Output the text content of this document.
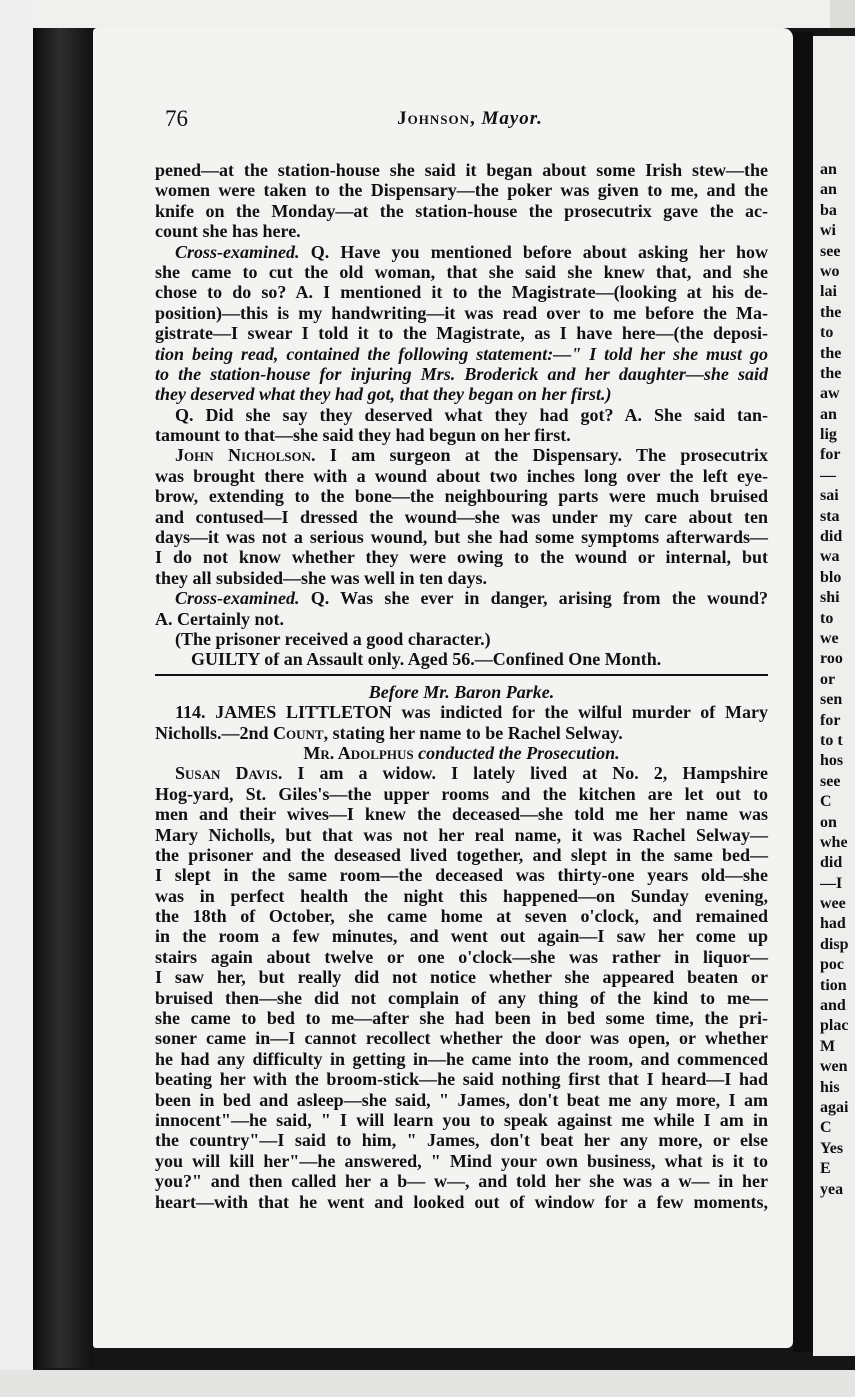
76	Johnson, Mayor.
pened—at the station-house she said it began about some Irish stew—the
women were taken to the Dispensary—the poker was given to me, and the
knife on the Monday—at the station-house the prosecutrix gave the ac-
count she has here.
Cross-examined. Q. Have you mentioned before about asking her how
she came to cut the old woman, that she said she knew that, and she
chose to do so? A. I mentioned it to the Magistrate—(looking at his de-
position)—this is my handwriting—it was read over to me before the Ma-
gistrate—I swear I told it to the Magistrate, as I have here—(the deposi-
tion being read, contained the following statement:—" I told her she must go
to the station-house for injuring Mrs. Broderick and her daughter—she said
they deserved what they had got, that they began on her first.)
Q. Did she say they deserved what they had got? A. She said tan-
tamount to that—she said they had begun on her first.
John Nicholson. I am surgeon at the Dispensary. The prosecutrix
was brought there with a wound about two inches long over the left eye-
brow, extending to the bone—the neighbouring parts were much bruised
and contused—I dressed the wound—she was under my care about ten
days—it was not a serious wound, but she had some symptoms afterwards—
I do not know whether they were owing to the wound or internal, but
they all subsided—she was well in ten days.
Cross-examined. Q. Was she ever in danger, arising from the wound?
A. Certainly not.
(The prisoner received a good character.)
GUILTY of an Assault only. Aged 56.—Confined One Month.
Before Mr. Baron Parke.
114. JAMES LITTLETON was indicted for the wilful murder of Mary
Nicholls.—2nd Count, stating her name to be Rachel Selway.
Mr. Adolphus conducted the Prosecution.
Susan Davis. I am a widow. I lately lived at No. 2, Hampshire
Hog-yard, St. Giles's—the upper rooms and the kitchen are let out to
men and their wives—I knew the deceased—she told me her name was
Mary Nicholls, but that was not her real name, it was Rachel Selway—
the prisoner and the deseased lived together, and slept in the same bed—
I slept in the same room—the deceased was thirty-one years old—she
was in perfect health the night this happened—on Sunday evening,
the 18th of October, she came home at seven o'clock, and remained
in the room a few minutes, and went out again—I saw her come up
stairs again about twelve or one o'clock—she was rather in liquor—
I saw her, but really did not notice whether she appeared beaten or
bruised then—she did not complain of any thing of the kind to me—
she came to bed to me—after she had been in bed some time, the pri-
soner came in—I cannot recollect whether the door was open, or whether
he had any difficulty in getting in—he came into the room, and commenced
beating her with the broom-stick—he said nothing first that I heard—I had
been in bed and asleep—she said, " James, don't beat me any more, I am
innocent"—he said, " I will learn you to speak against me while I am in
the country"—I said to him, " James, don't beat her any more, or else
you will kill her"—he answered, " Mind your own business, what is it to
you?" and then called her a b— w—, and told her she was a w— in her
heart—with that he went and looked out of window for a few moments,
an
an
ba
wi
see
wo
lai
the
to
the
the
aw
an
lig
for
—
sai
sta
did
wa
blo
shi
to
we
roo
or
sen
for
to t
hos
see
C
on
whe
did
—I
wee
had
disp
poc
tion
and
plac
M
wen
his
agai
C
Yes
E
yea
